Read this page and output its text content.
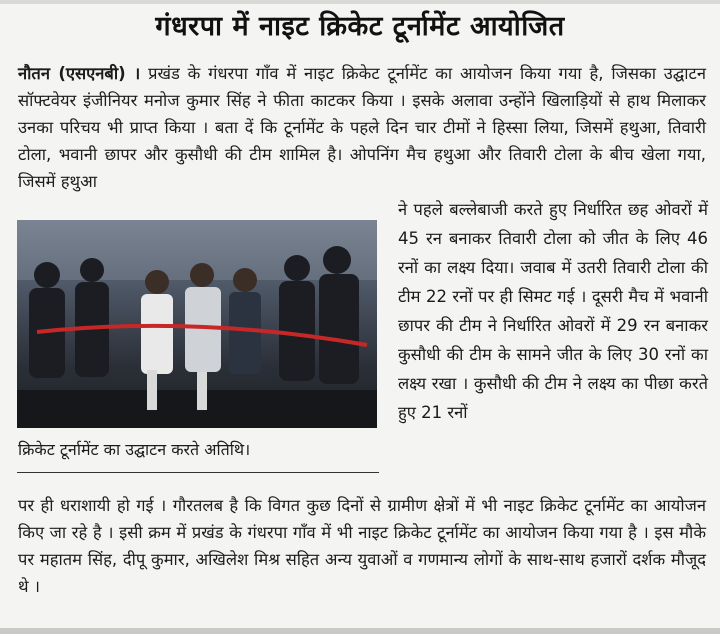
गंधरपा में नाइट क्रिकेट टूर्नामेंट आयोजित
नौतन (एसएनबी) । प्रखंड के गंधरपा गाँव में नाइट क्रिकेट टूर्नामेंट का आयोजन किया गया है, जिसका उद्घाटन सॉफ्टवेयर इंजीनियर मनोज कुमार सिंह ने फीता काटकर किया । इसके अलावा उन्होंने खिलाड़ियों से हाथ मिलाकर उनका परिचय भी प्राप्त किया । बता दें कि टूर्नामेंट के पहले दिन चार टीमों ने हिस्सा लिया, जिसमें हथुआ, तिवारी टोला, भवानी छापर और कुसौधी की टीम शामिल है। ओपनिंग मैच हथुआ और तिवारी टोला के बीच खेला गया, जिसमें हथुआ
क्रिकेट टूर्नामेंट का उद्घाटन करते अतिथि।
ने पहले बल्लेबाजी करते हुए निर्धारित छह ओवरों में 45 रन बनाकर तिवारी टोला को जीत के लिए 46 रनों का लक्ष्य दिया। जवाब में उतरी तिवारी टोला की टीम 22 रनों पर ही सिमट गई । दूसरी मैच में भवानी छापर की टीम ने निर्धारित ओवरों में 29 रन बनाकर कुसौधी की टीम के सामने जीत के लिए 30 रनों का लक्ष्य रखा । कुसौधी की टीम ने लक्ष्य का पीछा करते हुए 21 रनों
पर ही धराशायी हो गई । गौरतलब है कि विगत कुछ दिनों से ग्रामीण क्षेत्रों में भी नाइट क्रिकेट टूर्नामेंट का आयोजन किए जा रहे है । इसी क्रम में प्रखंड के गंधरपा गाँव में भी नाइट क्रिकेट टूर्नामेंट का आयोजन किया गया है । इस मौके पर महातम सिंह, दीपू कुमार, अखिलेश मिश्र सहित अन्य युवाओं व गणमान्य लोगों के साथ-साथ हजारों दर्शक मौजूद थे ।
